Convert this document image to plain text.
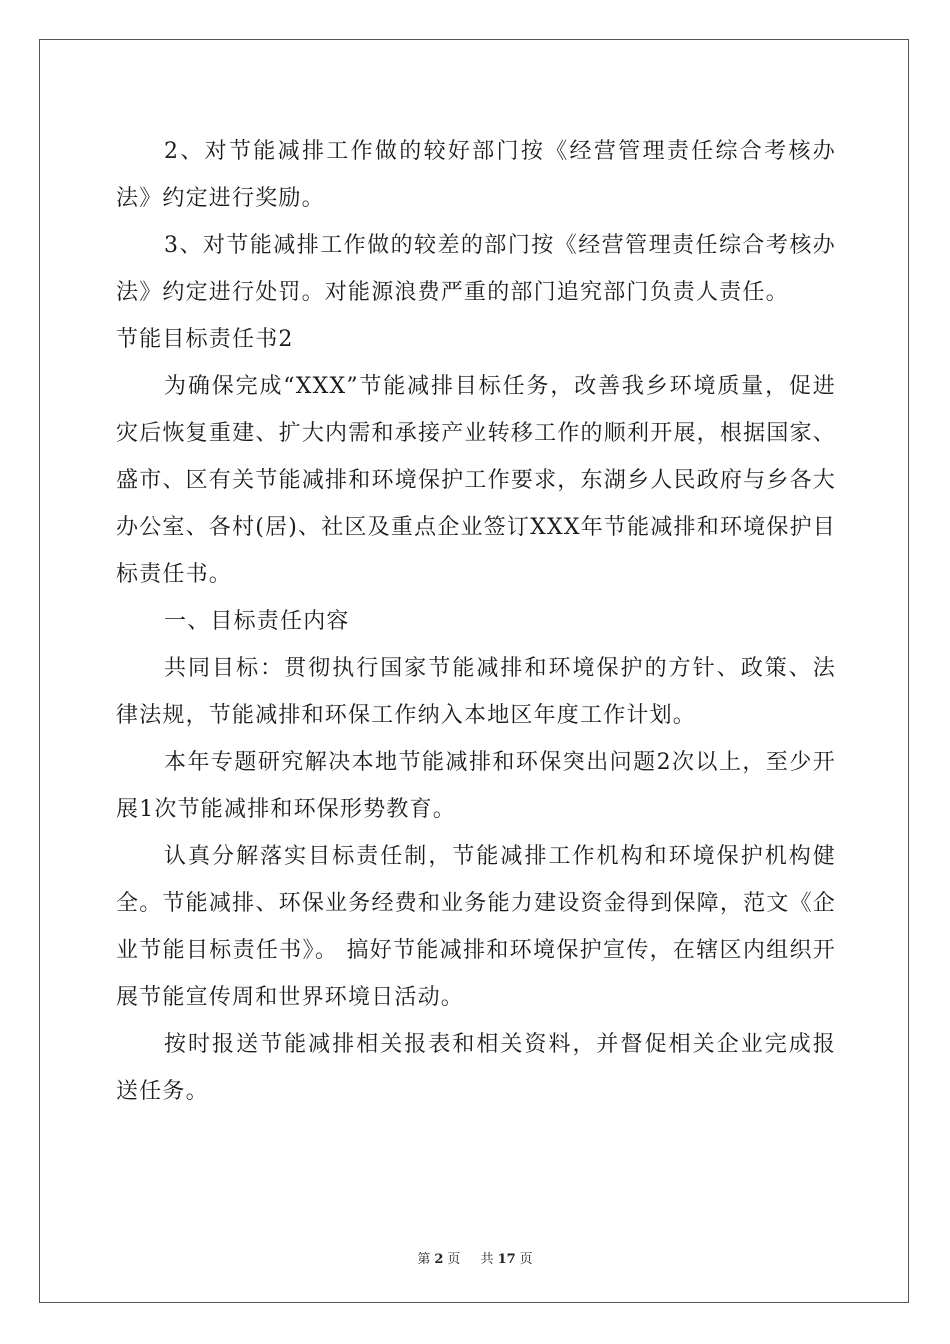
2、对节能减排工作做的较好部门按《经营管理责任综合考核办法》约定进行奖励。

3、对节能减排工作做的较差的部门按《经营管理责任综合考核办法》约定进行处罚。对能源浪费严重的部门追究部门负责人责任。

节能目标责任书2

为确保完成“XXX”节能减排目标任务，改善我乡环境质量，促进灾后恢复重建、扩大内需和承接产业转移工作的顺利开展，根据国家、盛市、区有关节能减排和环境保护工作要求，东湖乡人民政府与乡各大办公室、各村(居)、社区及重点企业签订XXX年节能减排和环境保护目标责任书。

一、目标责任内容

共同目标：贯彻执行国家节能减排和环境保护的方针、政策、法律法规，节能减排和环保工作纳入本地区年度工作计划。

本年专题研究解决本地节能减排和环保突出问题2次以上，至少开展1次节能减排和环保形势教育。

认真分解落实目标责任制，节能减排工作机构和环境保护机构健全。节能减排、环保业务经费和业务能力建设资金得到保障，范文《企业节能目标责任书》。 搞好节能减排和环境保护宣传，在辖区内组织开展节能宣传周和世界环境日活动。

按时报送节能减排相关报表和相关资料，并督促相关企业完成报送任务。

第 2 页 共 17 页
